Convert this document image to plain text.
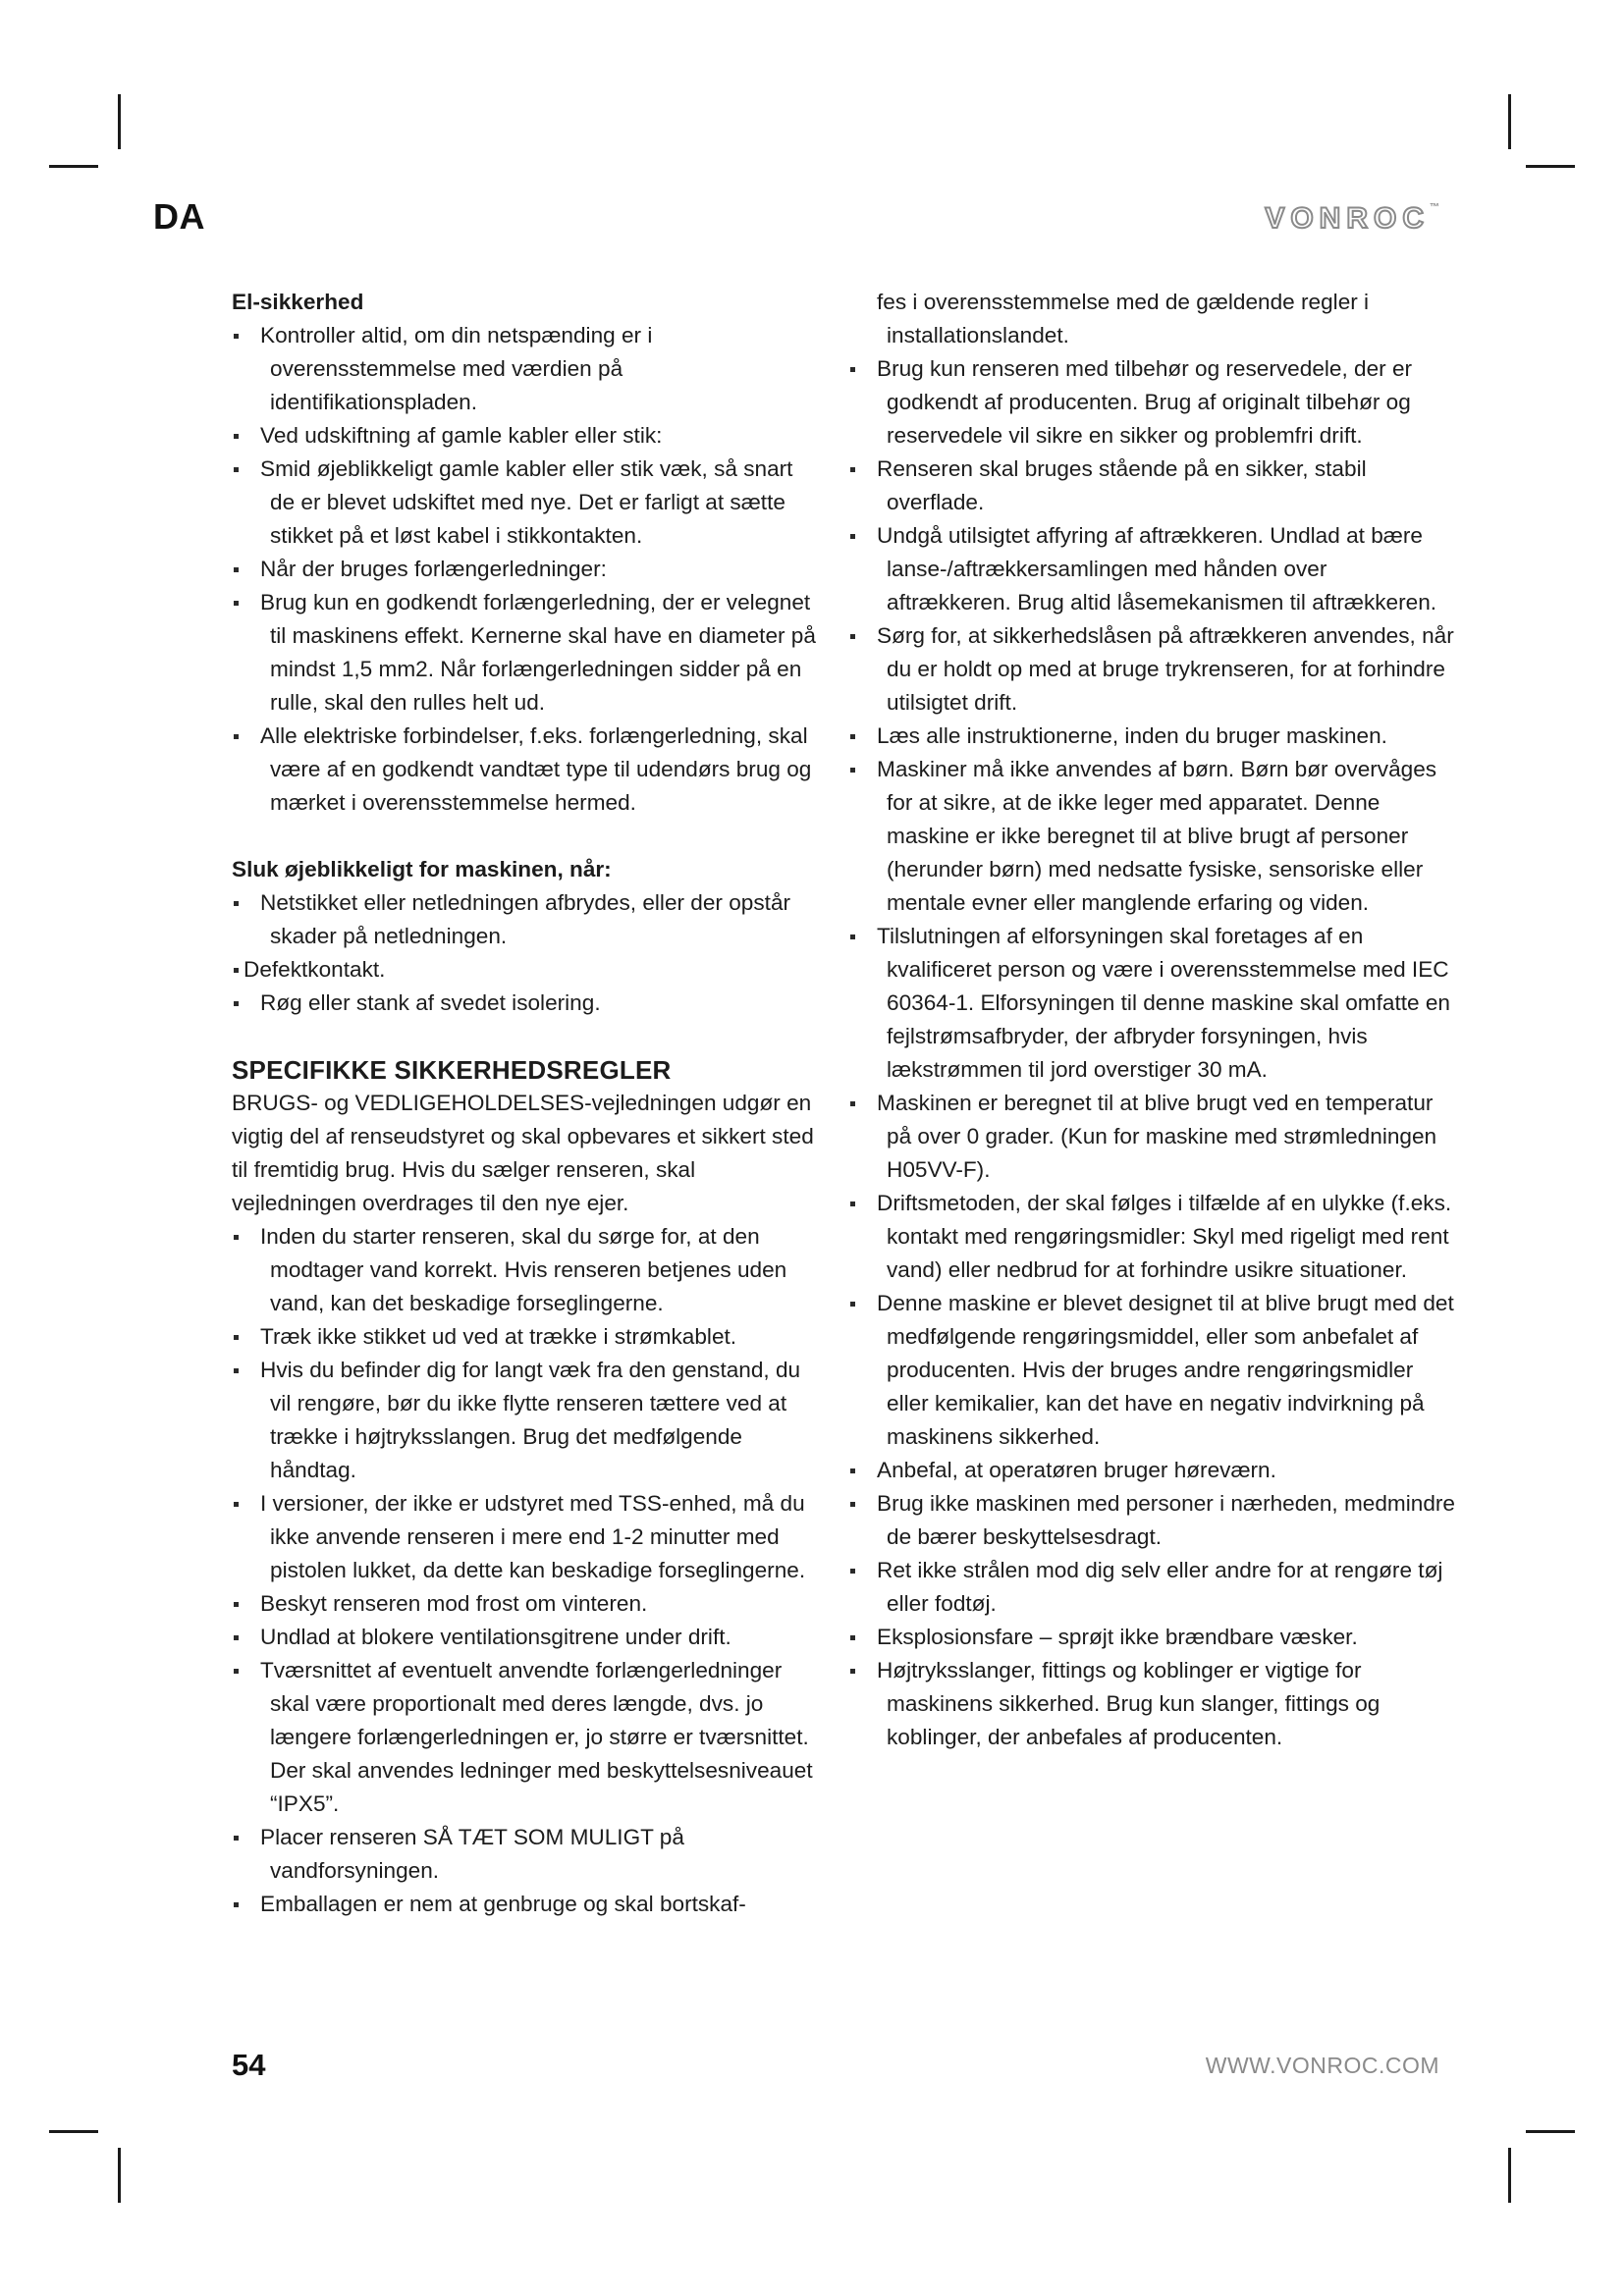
DA	VONROC™
El-sikkerhed
Kontroller altid, om din netspænding er i overensstemmelse med værdien på identifikationspladen.
Ved udskiftning af gamle kabler eller stik:
Smid øjeblikkeligt gamle kabler eller stik væk, så snart de er blevet udskiftet med nye. Det er farligt at sætte stikket på et løst kabel i stikkontakten.
Når der bruges forlængerledninger:
Brug kun en godkendt forlængerledning, der er velegnet til maskinens effekt. Kernerne skal have en diameter på mindst 1,5 mm2. Når forlængerledningen sidder på en rulle, skal den rulles helt ud.
Alle elektriske forbindelser, f.eks. forlængerledning, skal være af en godkendt vandtæt type til udendørs brug og mærket i overensstemmelse hermed.
Sluk øjeblikkeligt for maskinen, når:
Netstikket eller netledningen afbrydes, eller der opstår skader på netledningen.
Defektkontakt.
Røg eller stank af svedet isolering.
SPECIFIKKE SIKKERHEDSREGLER

BRUGS- og VEDLIGEHOLDELSES-vejledningen udgør en vigtig del af renseudstyret og skal opbevares et sikkert sted til fremtidig brug. Hvis du sælger renseren, skal vejledningen overdrages til den nye ejer.

Inden du starter renseren, skal du sørge for, at den modtager vand korrekt. Hvis renseren betjenes uden vand, kan det beskadige forseglingerne.
Træk ikke stikket ud ved at trække i strømkablet.
Hvis du befinder dig for langt væk fra den genstand, du vil rengøre, bør du ikke flytte renseren tættere ved at trække i højtryksslangen. Brug det medfølgende håndtag.
I versioner, der ikke er udstyret med TSS-enhed, må du ikke anvende renseren i mere end 1-2 minutter med pistolen lukket, da dette kan beskadige forseglingerne.
Beskyt renseren mod frost om vinteren.
Undlad at blokere ventilationsgitrene under drift.
Tværsnittet af eventuelt anvendte forlængerledninger skal være proportionalt med deres længde, dvs. jo længere forlængerledningen er, jo større er tværsnittet. Der skal anvendes ledninger med beskyttelsesniveauet “IPX5”.
Placer renseren SÅ TÆT SOM MULIGT på vandforsyningen.
Emballagen er nem at genbruge og skal bortskaf-
fes i overensstemmelse med de gældende regler i installationslandet.
Brug kun renseren med tilbehør og reservedele, der er godkendt af producenten. Brug af originalt tilbehør og reservedele vil sikre en sikker og problemfri drift.
Renseren skal bruges stående på en sikker, stabil overflade.
Undgå utilsigtet affyring af aftrækkeren. Undlad at bære lanse-/aftrækkersamlingen med hånden over aftrækkeren. Brug altid låsemekanismen til aftrækkeren.
Sørg for, at sikkerhedslåsen på aftrækkeren anvendes, når du er holdt op med at bruge trykrenseren, for at forhindre utilsigtet drift.
Læs alle instruktionerne, inden du bruger maskinen.
Maskiner må ikke anvendes af børn. Børn bør overvåges for at sikre, at de ikke leger med apparatet. Denne maskine er ikke beregnet til at blive brugt af personer (herunder børn) med nedsatte fysiske, sensoriske eller mentale evner eller manglende erfaring og viden.
Tilslutningen af elforsyningen skal foretages af en kvalificeret person og være i overensstemmelse med IEC 60364-1. Elforsyningen til denne maskine skal omfatte en fejlstrømsafbryder, der afbryder forsyningen, hvis lækstrømmen til jord overstiger 30 mA.
Maskinen er beregnet til at blive brugt ved en temperatur på over 0 grader. (Kun for maskine med strømledningen H05VV-F).
Driftsmetoden, der skal følges i tilfælde af en ulykke (f.eks. kontakt med rengøringsmidler: Skyl med rigeligt med rent vand) eller nedbrud for at forhindre usikre situationer.
Denne maskine er blevet designet til at blive brugt med det medfølgende rengøringsmiddel, eller som anbefalet af producenten. Hvis der bruges andre rengøringsmidler eller kemikalier, kan det have en negativ indvirkning på maskinens sikkerhed.
Anbefal, at operatøren bruger høreværn.
Brug ikke maskinen med personer i nærheden, medmindre de bærer beskyttelsesdragt.
Ret ikke strålen mod dig selv eller andre for at rengøre tøj eller fodtøj.
Eksplosionsfare – sprøjt ikke brændbare væsker.
Højtryksslanger, fittings og koblinger er vigtige for maskinens sikkerhed. Brug kun slanger, fittings og koblinger, der anbefales af producenten.
54	WWW.VONROC.COM
